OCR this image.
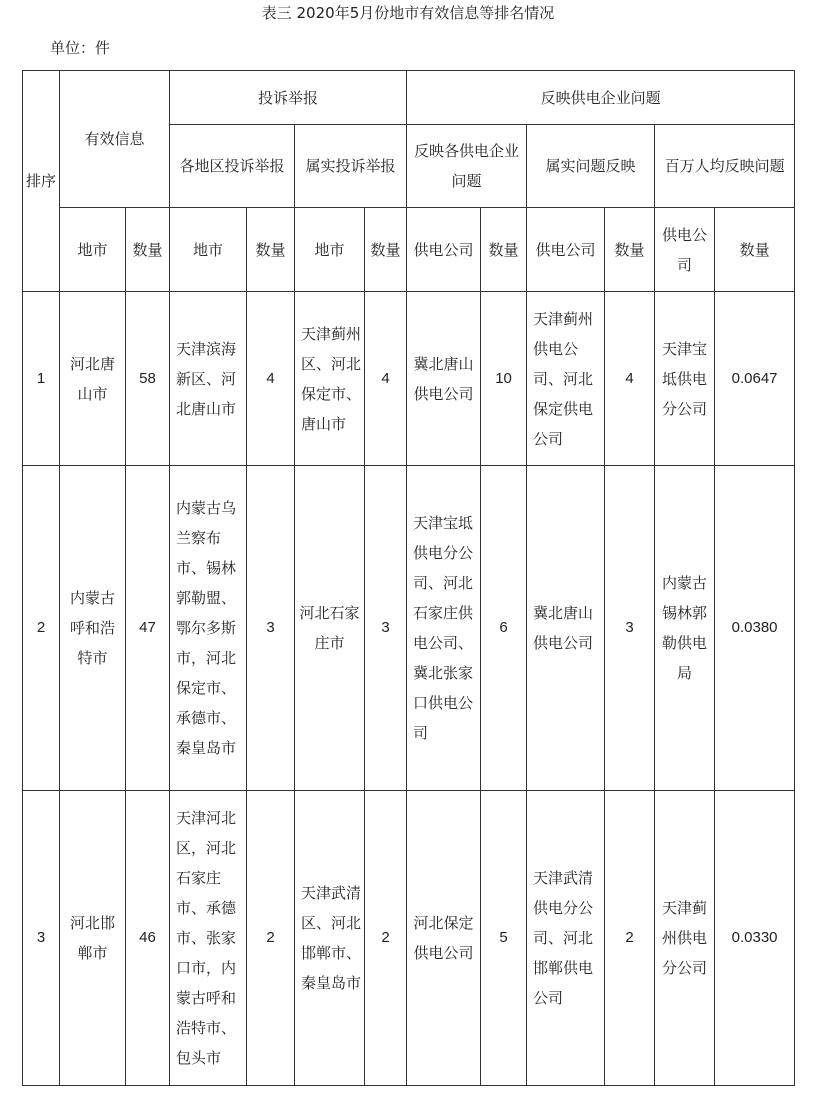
表三 2020年5月份地市有效信息等排名情况
单位：件
排序	有效信息		投诉举报				反映供电企业问题					
			各地区投诉举报		属实投诉举报		反映各供电企业问题		属实问题反映		百万人均反映问题	
	地市	数量	地市	数量	地市	数量	供电公司	数量	供电公司	数量	供电公司	数量
1	河北唐山市	58	天津滨海新区、河北唐山市	4	天津蓟州区、河北保定市、唐山市	4	冀北唐山供电公司	10	天津蓟州供电公司、河北保定供电公司	4	天津宝坻供电分公司	0.0647
2	内蒙古呼和浩特市	47	内蒙古乌兰察布市、锡林郭勒盟、鄂尔多斯市，河北保定市、承德市、秦皇岛市	3	河北石家庄市	3	天津宝坻供电分公司、河北石家庄供电公司、冀北张家口供电公司	6	冀北唐山供电公司	3	内蒙古锡林郭勒供电局	0.0380
3	河北邯郸市	46	天津河北区，河北石家庄市、承德市、张家口市，内蒙古呼和浩特市、包头市	2	天津武清区、河北邯郸市、秦皇岛市	2	河北保定供电公司	5	天津武清供电分公司、河北邯郸供电公司	2	天津蓟州供电分公司	0.0330
